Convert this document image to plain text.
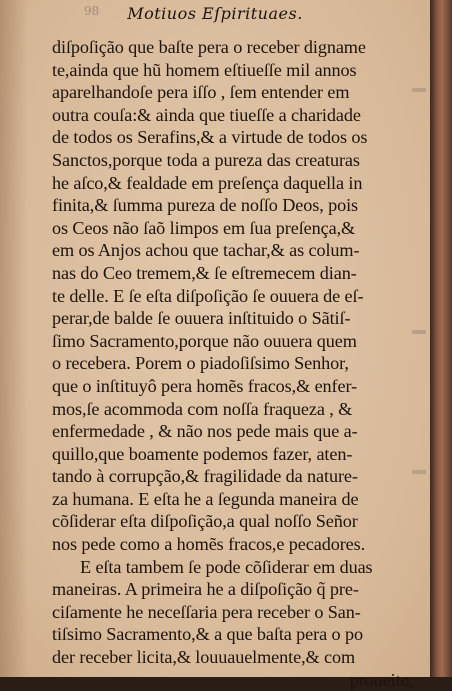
98	Motiuos Eſpirituaes.
diſpoſição que baſte pera o receber digname
te,ainda que hũ homem eſtiueſſe mil annos
aparelhandoſe pera iſſo , ſem entender em
outra couſa:& ainda que tiueſſe a charidade
de todos os Serafins,& a virtude de todos os
Sanctos,porque toda a pureza das creaturas
he aſco,& fealdade em preſença daquella in
finita,& ſumma pureza de noſſo Deos, pois
os Ceos não ſaõ limpos em ſua preſença,&
em os Anjos achou que tachar,& as colum-
nas do Ceo tremem,& ſe eſtremecem dian-
te delle. E ſe eſta diſpoſição ſe ouuera de eſ-
perar,de balde ſe ouuera inſtituido o Sãtiſ-
ſimo Sacramento,porque não ouuera quem
o recebera. Porem o piadoſiſsimo Senhor,
que o inſtituyô pera homẽs fracos,& enfer-
mos,ſe acommoda com noſſa fraqueza , &
enfermedade , & não nos pede mais que a-
quillo,que boamente podemos fazer, aten-
tando à corrupção,& fragilidade da nature-
za humana. E eſta he a ſegunda maneira de
cõſiderar eſta diſpoſição,a qual noſſo Señor
nos pede como a homẽs fracos,e pecadores.
E eſta tambem ſe pode cõſiderar em duas
maneiras. A primeira he a diſpoſição q̃ pre-
ciſamente he neceſſaria pera receber o San-
tiſsimo Sacramento,& a que baſta pera o po
der receber licita,& louuauelmente,& com
proueito,
